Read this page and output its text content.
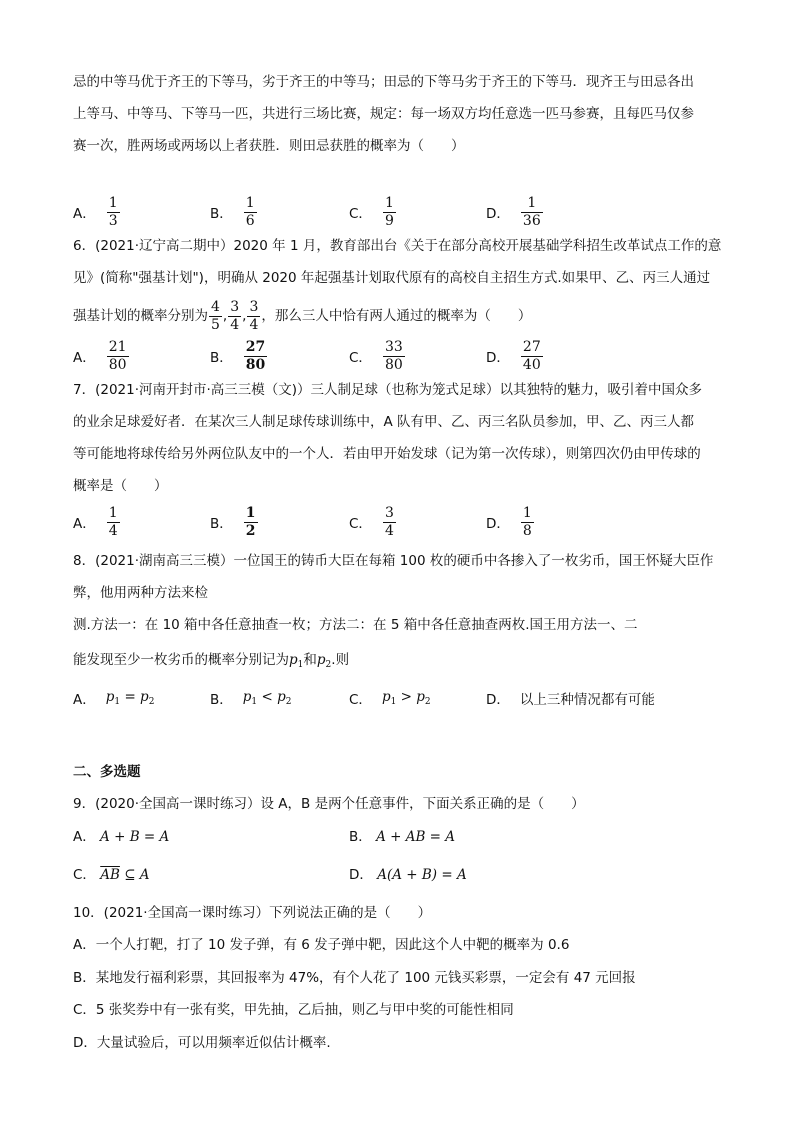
忌的中等马优于齐王的下等马，劣于齐王的中等马；田忌的下等马劣于齐王的下等马．现齐王与田忌各出
上等马、中等马、下等马一匹，共进行三场比赛，规定：每一场双方均任意选一匹马参赛，且每匹马仅参
赛一次，胜两场或两场以上者获胜．则田忌获胜的概率为（　　）
A． $\frac{1}{3}$	B． $\frac{1}{6}$	C． $\frac{1}{9}$	D． $\frac{1}{36}$
6．(2021·辽宁高二期中）2020 年 1 月，教育部出台《关于在部分高校开展基础学科招生改革试点工作的意
见》(简称"强基计划")，明确从 2020 年起强基计划取代原有的高校自主招生方式.如果甲、乙、丙三人通过
强基计划的概率分别为 $\frac{4}{5}$ , $\frac{3}{4}$ , $\frac{3}{4}$ ，那么三人中恰有两人通过的概率为（　　）
A． $\frac{21}{80}$	B． $\frac{27}{80}$	C． $\frac{33}{80}$	D． $\frac{27}{40}$
7．(2021·河南开封市·高三三模（文)）三人制足球（也称为笼式足球）以其独特的魅力，吸引着中国众多
的业余足球爱好者．在某次三人制足球传球训练中，A 队有甲、乙、丙三名队员参加，甲、乙、丙三人都
等可能地将球传给另外两位队友中的一个人．若由甲开始发球（记为第一次传球），则第四次仍由甲传球的
概率是（　　）
A． $\frac{1}{4}$	B． $\frac{1}{2}$	C． $\frac{3}{4}$	D． $\frac{1}{8}$
8．(2021·湖南高三三模）一位国王的铸币大臣在每箱 100 枚的硬币中各掺入了一枚劣币，国王怀疑大臣作
弊，他用两种方法来检
测.方法一：在 10 箱中各任意抽查一枚；方法二：在 5 箱中各任意抽查两枚.国王用方法一、二
能发现至少一枚劣币的概率分别记为$p_1$和$p_2$.则
A． $p_1 = p_2$	B． $p_1 < p_2$	C． $p_1 > p_2$	D． 以上三种情况都有可能
二、多选题
9．(2020·全国高一课时练习）设 A，B 是两个任意事件，下面关系正确的是（　　）
A． A + B = A	B． A + AB = A
C． $\overline{AB}$ ⊆ A	D． A(A + B) = A
10．(2021·全国高一课时练习）下列说法正确的是（　　）
A．一个人打靶，打了 10 发子弹，有 6 发子弹中靶，因此这个人中靶的概率为 0.6
B．某地发行福利彩票，其回报率为 47%，有个人花了 100 元钱买彩票，一定会有 47 元回报
C．5 张奖券中有一张有奖，甲先抽，乙后抽，则乙与甲中奖的可能性相同
D．大量试验后，可以用频率近似估计概率.
